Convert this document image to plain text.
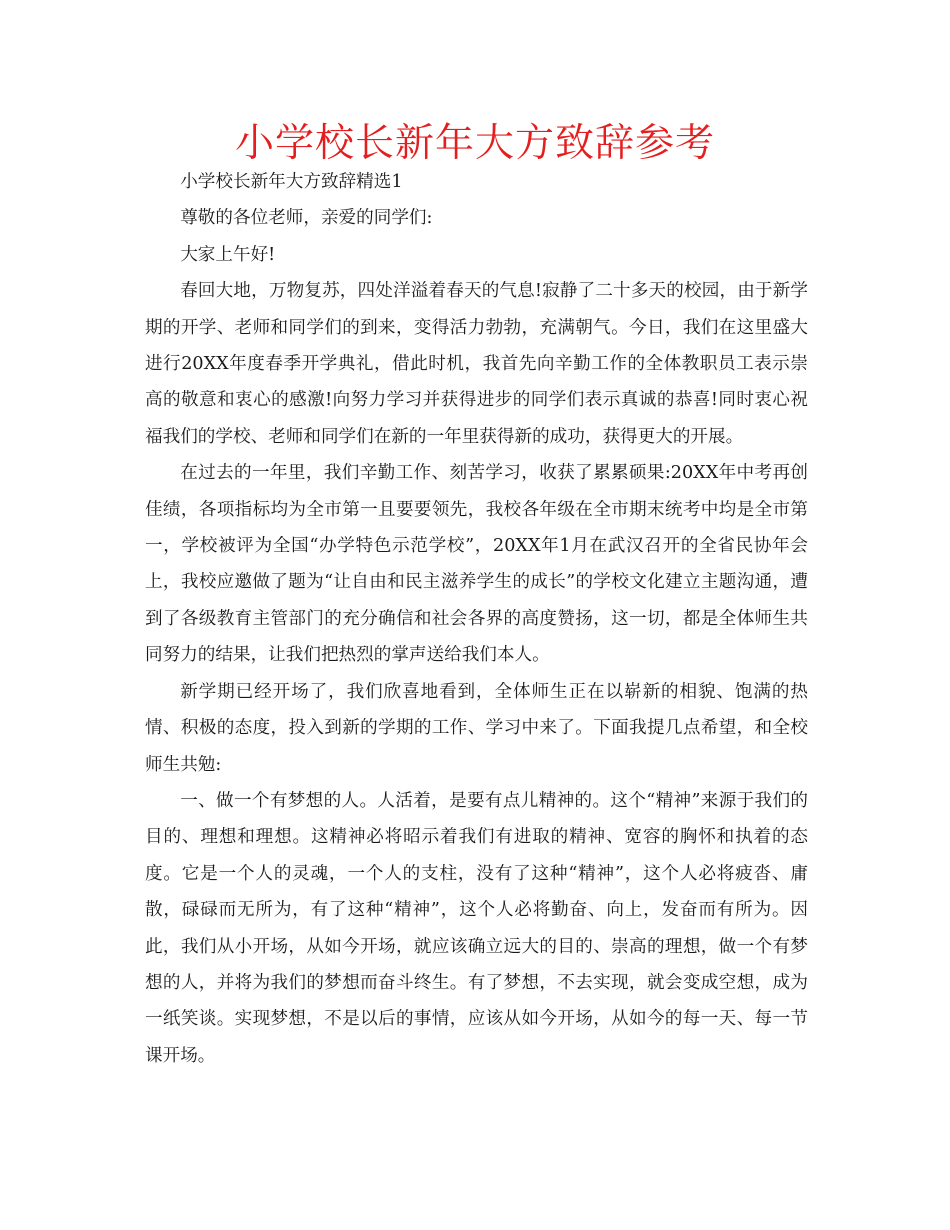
小学校长新年大方致辞参考

小学校长新年大方致辞精选1

尊敬的各位老师，亲爱的同学们:

大家上午好!

春回大地，万物复苏，四处洋溢着春天的气息!寂静了二十多天的校园，由于新学期的开学、老师和同学们的到来，变得活力勃勃，充满朝气。今日，我们在这里盛大进行20XX年度春季开学典礼，借此时机，我首先向辛勤工作的全体教职员工表示崇高的敬意和衷心的感激!向努力学习并获得进步的同学们表示真诚的恭喜!同时衷心祝福我们的学校、老师和同学们在新的一年里获得新的成功，获得更大的开展。

在过去的一年里，我们辛勤工作、刻苦学习，收获了累累硕果:20XX年中考再创佳绩，各项指标均为全市第一且要要领先，我校各年级在全市期末统考中均是全市第一，学校被评为全国“办学特色示范学校”，20XX年1月在武汉召开的全省民协年会上，我校应邀做了题为“让自由和民主滋养学生的成长”的学校文化建立主题沟通，遭到了各级教育主管部门的充分确信和社会各界的高度赞扬，这一切，都是全体师生共同努力的结果，让我们把热烈的掌声送给我们本人。

新学期已经开场了，我们欣喜地看到，全体师生正在以崭新的相貌、饱满的热情、积极的态度，投入到新的学期的工作、学习中来了。下面我提几点希望，和全校师生共勉:

一、做一个有梦想的人。人活着，是要有点儿精神的。这个“精神”来源于我们的目的、理想和理想。这精神必将昭示着我们有进取的精神、宽容的胸怀和执着的态度。它是一个人的灵魂，一个人的支柱，没有了这种“精神”，这个人必将疲沓、庸散，碌碌而无所为，有了这种“精神”，这个人必将勤奋、向上，发奋而有所为。因此，我们从小开场，从如今开场，就应该确立远大的目的、崇高的理想，做一个有梦想的人，并将为我们的梦想而奋斗终生。有了梦想，不去实现，就会变成空想，成为一纸笑谈。实现梦想，不是以后的事情，应该从如今开场，从如今的每一天、每一节课开场。
